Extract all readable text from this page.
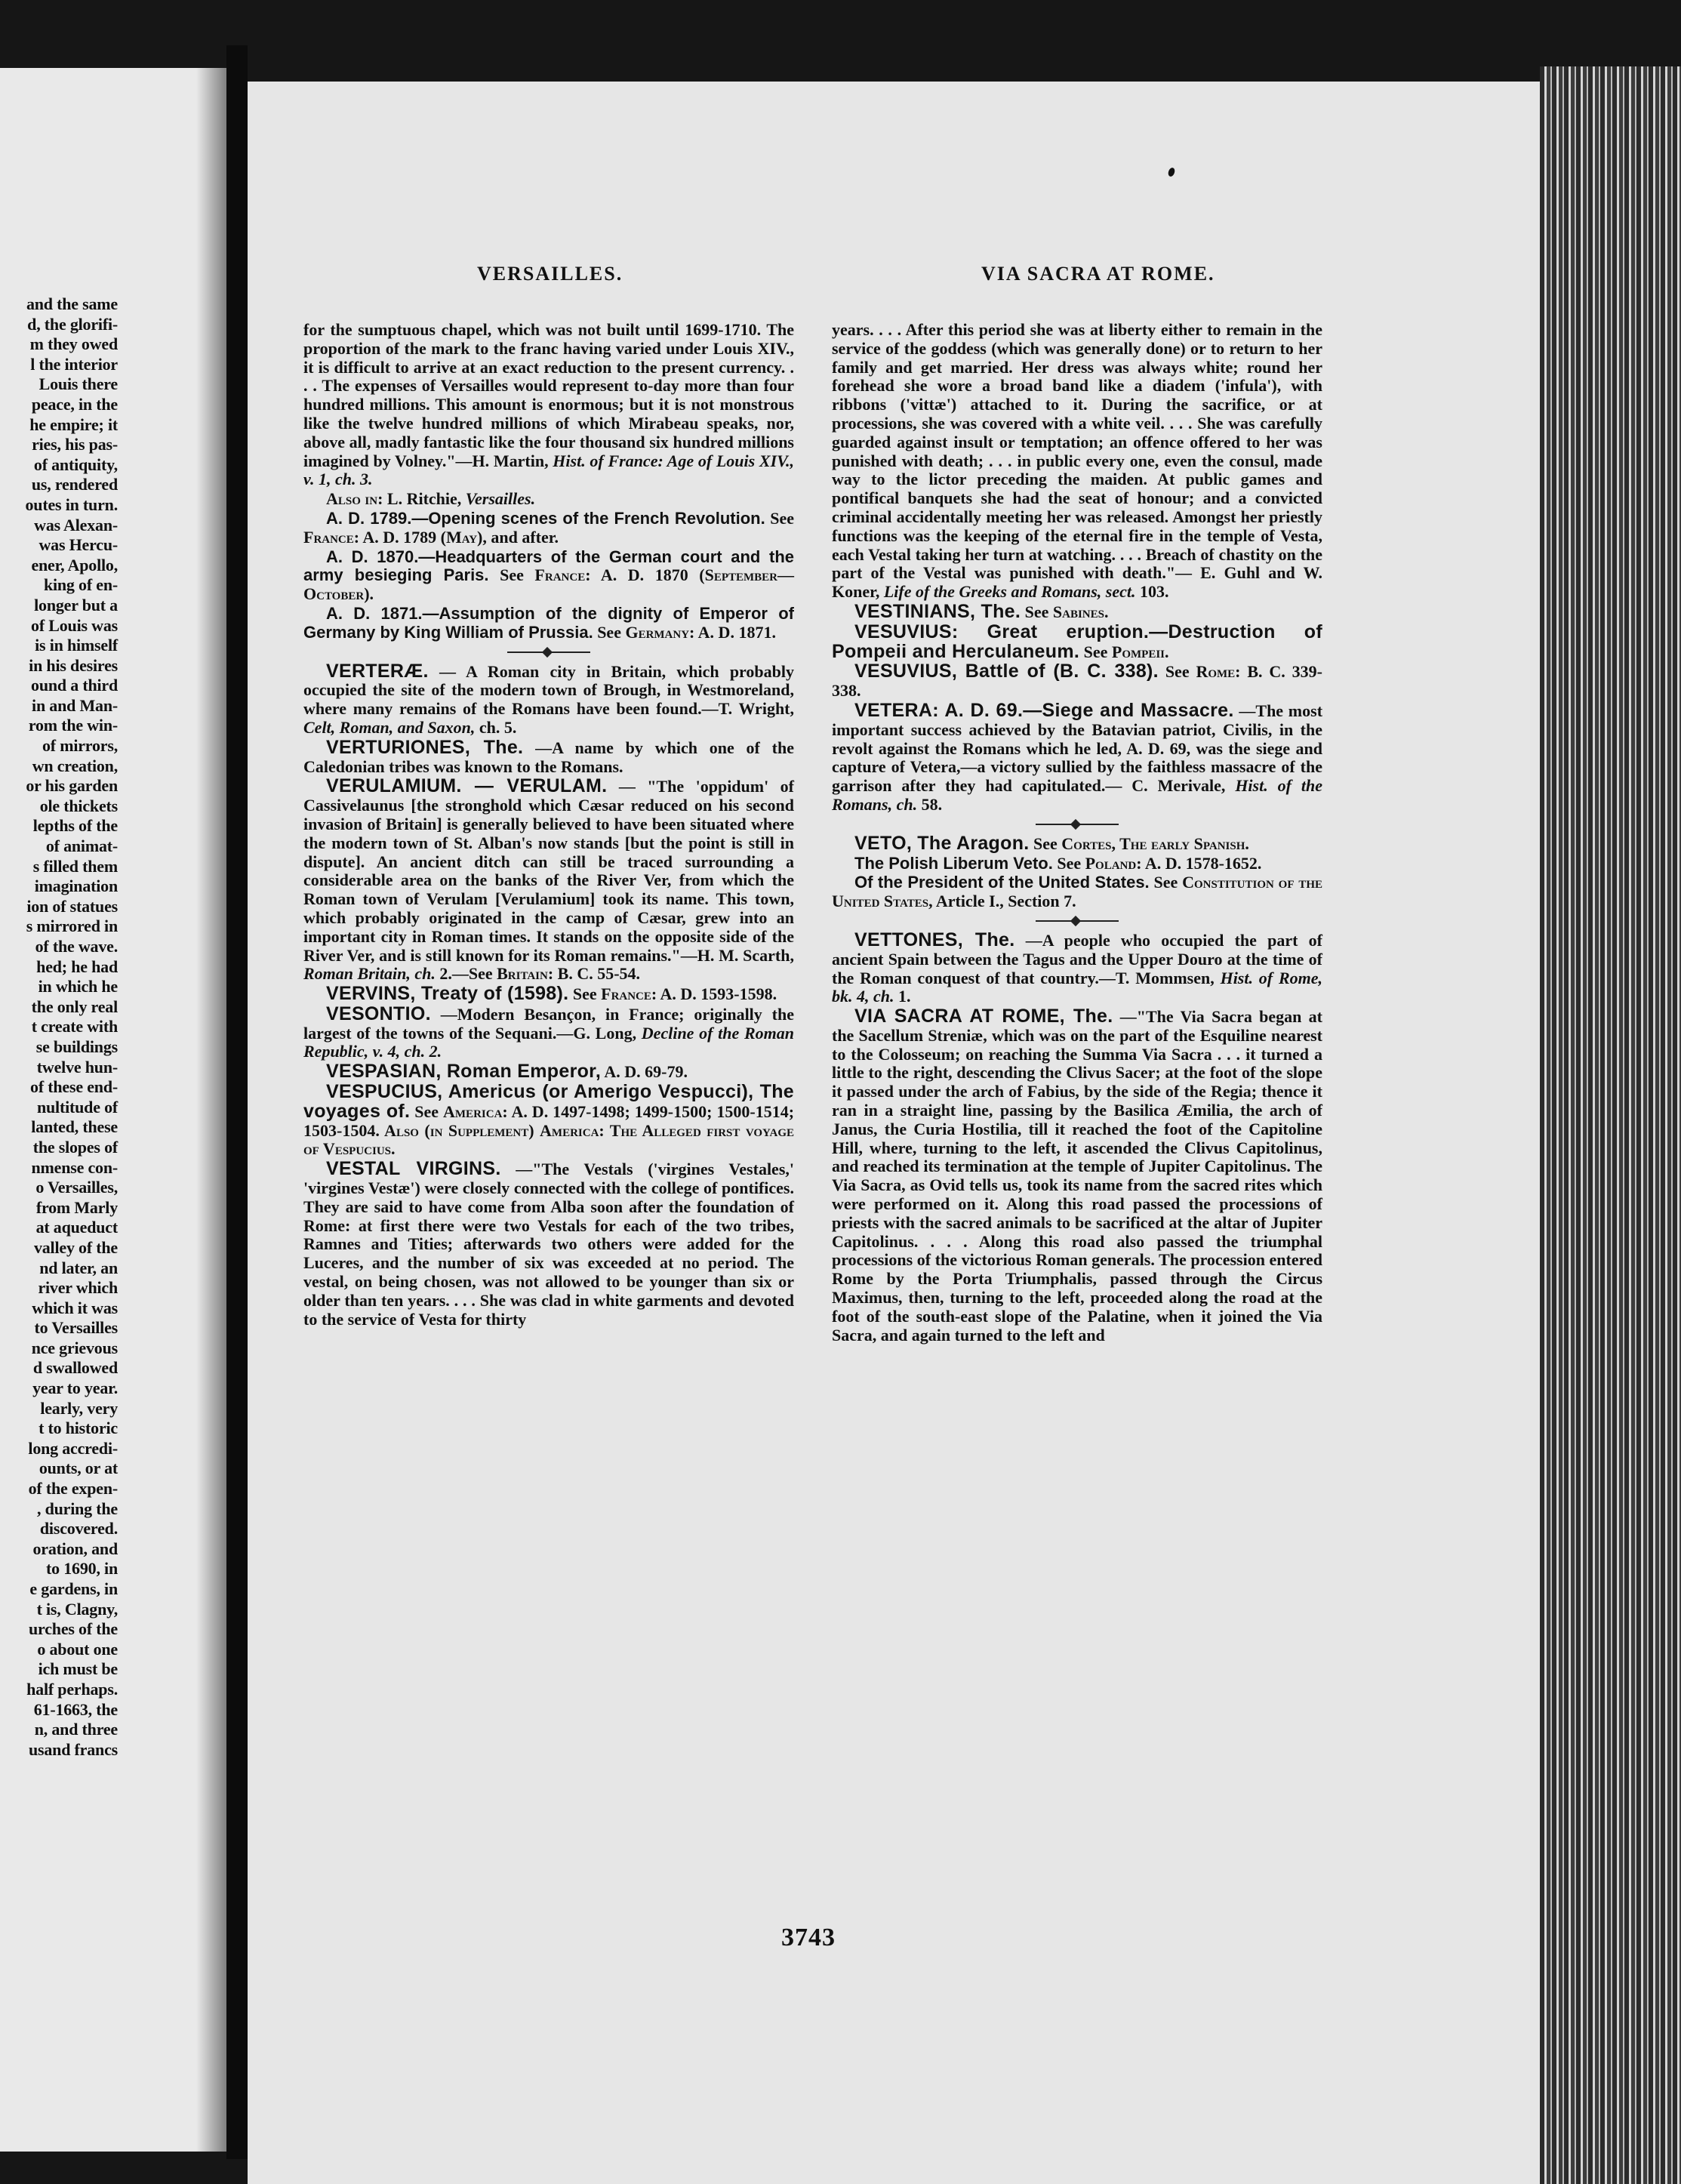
and the same
d, the glorifi-
m they owed
l the interior
Louis there
peace, in the
he empire; it
ries, his pas-
of antiquity,
us, rendered
outes in turn.
was Alexan-
was Hercu-
ener, Apollo,
king of en-
longer but a
of Louis was
is in himself
in his desires
ound a third
in and Man-
rom the win-
of mirrors,
wn creation,
or his garden
ole thickets
lepths of the
of animat-
s filled them
imagination
ion of statues
s mirrored in
of the wave.
hed; he had
in which he
the only real
t create with
se buildings
twelve hun-
of these end-
nultitude of
lanted, these
the slopes of
nmense con-
o Versailles,
from Marly
at aqueduct
valley of the
nd later, an
river which
which it was
to Versailles
nce grievous
d swallowed
year to year.
learly, very
t to historic
long accredi-
ounts, or at
of the expen-
, during the
discovered.
oration, and
to 1690, in
e gardens, in
t is, Clagny,
urches of the
o about one
ich must be
half perhaps.
61-1663, the
n, and three
usand francs
VERSAILLES.	VIA SACRA AT ROME.

for the sumptuous chapel, which was not built until 1699-1710. The proportion of the mark to the franc having varied under Louis XIV., it is difficult to arrive at an exact reduction to the present currency. . . . The expenses of Versailles would represent to-day more than four hundred millions. This amount is enormous; but it is not monstrous like the twelve hundred millions of which Mirabeau speaks, nor, above all, madly fantastic like the four thousand six hundred millions imagined by Volney."—H. Martin, Hist. of France: Age of Louis XIV., v. 1, ch. 3.

Also in: L. Ritchie, Versailles.

A. D. 1789.—Opening scenes of the French Revolution. See France: A. D. 1789 (May), and after.

A. D. 1870.—Headquarters of the German court and the army besieging Paris. See France: A. D. 1870 (September—October).

A. D. 1871.—Assumption of the dignity of Emperor of Germany by King William of Prussia. See Germany: A. D. 1871.

VERTERÆ. — A Roman city in Britain, which probably occupied the site of the modern town of Brough, in Westmoreland, where many remains of the Romans have been found.—T. Wright, Celt, Roman, and Saxon, ch. 5.

VERTURIONES, The. —A name by which one of the Caledonian tribes was known to the Romans.

VERULAMIUM. — VERULAM. — "The 'oppidum' of Cassivelaunus [the stronghold which Cæsar reduced on his second invasion of Britain] is generally believed to have been situated where the modern town of St. Alban's now stands [but the point is still in dispute]. An ancient ditch can still be traced surrounding a considerable area on the banks of the River Ver, from which the Roman town of Verulam [Verulamium] took its name. This town, which probably originated in the camp of Cæsar, grew into an important city in Roman times. It stands on the opposite side of the River Ver, and is still known for its Roman remains."—H. M. Scarth, Roman Britain, ch. 2.—See Britain: B. C. 55-54.

VERVINS, Treaty of (1598). See France: A. D. 1593-1598.

VESONTIO. —Modern Besançon, in France; originally the largest of the towns of the Sequani.—G. Long, Decline of the Roman Republic, v. 4, ch. 2.

VESPASIAN, Roman Emperor, A. D. 69-79.

VESPUCIUS, Americus (or Amerigo Vespucci), The voyages of. See America: A. D. 1497-1498; 1499-1500; 1500-1514; 1503-1504. Also (in Supplement) America: The Alleged first voyage of Vespucius.

VESTAL VIRGINS. —"The Vestals ('virgines Vestales,' 'virgines Vestæ') were closely connected with the college of pontifices. They are said to have come from Alba soon after the foundation of Rome: at first there were two Vestals for each of the two tribes, Ramnes and Tities; afterwards two others were added for the Luceres, and the number of six was exceeded at no period. The vestal, on being chosen, was not allowed to be younger than six or older than ten years. . . . She was clad in white garments and devoted to the service of Vesta for thirty

years. . . . After this period she was at liberty either to remain in the service of the goddess (which was generally done) or to return to her family and get married. Her dress was always white; round her forehead she wore a broad band like a diadem ('infula'), with ribbons ('vittæ') attached to it. During the sacrifice, or at processions, she was covered with a white veil. . . . She was carefully guarded against insult or temptation; an offence offered to her was punished with death; . . . in public every one, even the consul, made way to the lictor preceding the maiden. At public games and pontifical banquets she had the seat of honour; and a convicted criminal accidentally meeting her was released. Amongst her priestly functions was the keeping of the eternal fire in the temple of Vesta, each Vestal taking her turn at watching. . . . Breach of chastity on the part of the Vestal was punished with death."— E. Guhl and W. Koner, Life of the Greeks and Romans, sect. 103.

VESTINIANS, The. See Sabines.

VESUVIUS: Great eruption.—Destruction of Pompeii and Herculaneum. See Pompeii.

VESUVIUS, Battle of (B. C. 338). See Rome: B. C. 339-338.

VETERA: A. D. 69.—Siege and Massacre. —The most important success achieved by the Batavian patriot, Civilis, in the revolt against the Romans which he led, A. D. 69, was the siege and capture of Vetera,—a victory sullied by the faithless massacre of the garrison after they had capitulated.— C. Merivale, Hist. of the Romans, ch. 58.

VETO, The Aragon. See Cortes, The early Spanish.

The Polish Liberum Veto. See Poland: A. D. 1578-1652.

Of the President of the United States. See Constitution of the United States, Article I., Section 7.

VETTONES, The. —A people who occupied the part of ancient Spain between the Tagus and the Upper Douro at the time of the Roman conquest of that country.—T. Mommsen, Hist. of Rome, bk. 4, ch. 1.

VIA SACRA AT ROME, The. —"The Via Sacra began at the Sacellum Streniæ, which was on the part of the Esquiline nearest to the Colosseum; on reaching the Summa Via Sacra . . . it turned a little to the right, descending the Clivus Sacer; at the foot of the slope it passed under the arch of Fabius, by the side of the Regia; thence it ran in a straight line, passing by the Basilica Æmilia, the arch of Janus, the Curia Hostilia, till it reached the foot of the Capitoline Hill, where, turning to the left, it ascended the Clivus Capitolinus, and reached its termination at the temple of Jupiter Capitolinus. The Via Sacra, as Ovid tells us, took its name from the sacred rites which were performed on it. Along this road passed the processions of priests with the sacred animals to be sacrificed at the altar of Jupiter Capitolinus. . . . Along this road also passed the triumphal processions of the victorious Roman generals. The procession entered Rome by the Porta Triumphalis, passed through the Circus Maximus, then, turning to the left, proceeded along the road at the foot of the south-east slope of the Palatine, when it joined the Via Sacra, and again turned to the left and

3743
